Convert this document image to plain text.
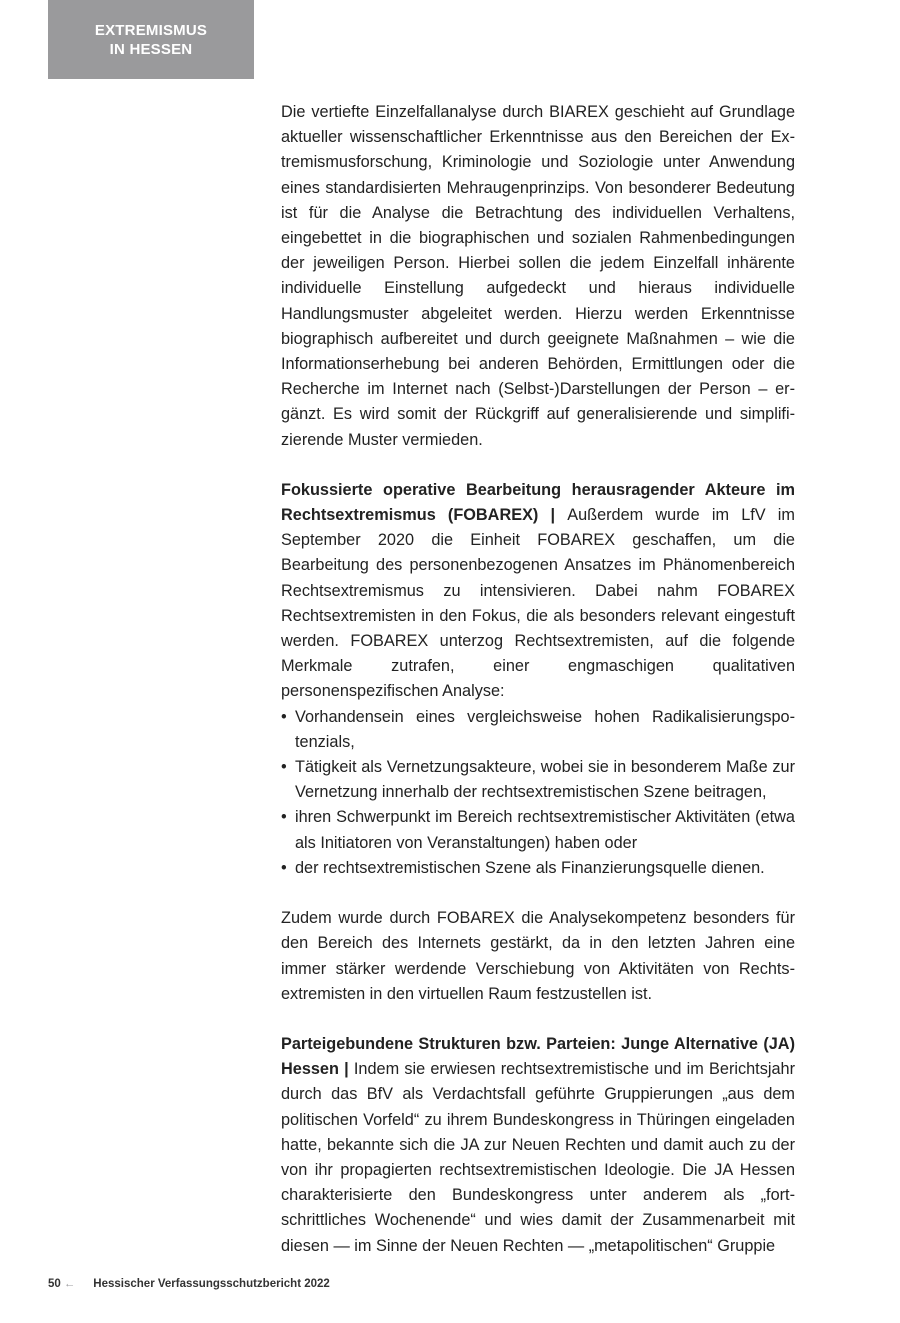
EXTREMISMUS
IN HESSEN

Die vertiefte Einzelfallanalyse durch BIAREX geschieht auf Grundlage aktueller wissenschaftlicher Erkenntnisse aus den Bereichen der Extremismusforschung, Kriminologie und Soziologie unter Anwendung eines standardisierten Mehraugenprinzips. Von besonderer Bedeutung ist für die Analyse die Betrachtung des individuellen Verhaltens, eingebettet in die biographischen und sozialen Rahmenbedingungen der jeweiligen Person. Hierbei sollen die jedem Einzelfall inhärente individuelle Einstellung aufgedeckt und hieraus individuelle Handlungsmuster abgeleitet werden. Hierzu werden Erkenntnisse biographisch aufbereitet und durch geeignete Maßnahmen – wie die Informationserhebung bei anderen Behörden, Ermittlungen oder die Recherche im Internet nach (Selbst-)Darstellungen der Person – ergänzt. Es wird somit der Rückgriff auf generalisierende und simplifizierende Muster vermieden.

Fokussierte operative Bearbeitung herausragender Akteure im Rechtsextremismus (FOBAREX) | Außerdem wurde im LfV im September 2020 die Einheit FOBAREX geschaffen, um die Bearbeitung des personenbezogenen Ansatzes im Phänomenbereich Rechtsextremismus zu intensivieren. Dabei nahm FOBAREX Rechtsextremisten in den Fokus, die als besonders relevant eingestuft werden. FOBAREX unterzog Rechtsextremisten, auf die folgende Merkmale zutrafen, einer engmaschigen qualitativen personenspezifischen Analyse:

• Vorhandensein eines vergleichsweise hohen Radikalisierungspotenzials,
• Tätigkeit als Vernetzungsakteure, wobei sie in besonderem Maße zur Vernetzung innerhalb der rechtsextremistischen Szene beitragen,
• ihren Schwerpunkt im Bereich rechtsextremistischer Aktivitäten (etwa als Initiatoren von Veranstaltungen) haben oder
• der rechtsextremistischen Szene als Finanzierungsquelle dienen.

Zudem wurde durch FOBAREX die Analysekompetenz besonders für den Bereich des Internets gestärkt, da in den letzten Jahren eine immer stärker werdende Verschiebung von Aktivitäten von Rechtsextremisten in den virtuellen Raum festzustellen ist.

Parteigebundene Strukturen bzw. Parteien: Junge Alternative (JA) Hessen | Indem sie erwiesen rechtsextremistische und im Berichtsjahr durch das BfV als Verdachtsfall geführte Gruppierungen „aus dem politischen Vorfeld“ zu ihrem Bundeskongress in Thüringen eingeladen hatte, bekannte sich die JA zur Neuen Rechten und damit auch zu der von ihr propagierten rechtsextremistischen Ideologie. Die JA Hessen charakterisierte den Bundeskongress unter anderem als „fortschrittliches Wochenende“ und wies damit der Zusammenarbeit mit diesen — im Sinne der Neuen Rechten — „metapolitischen“ Gruppie

50 ← Hessischer Verfassungsschutzbericht 2022
